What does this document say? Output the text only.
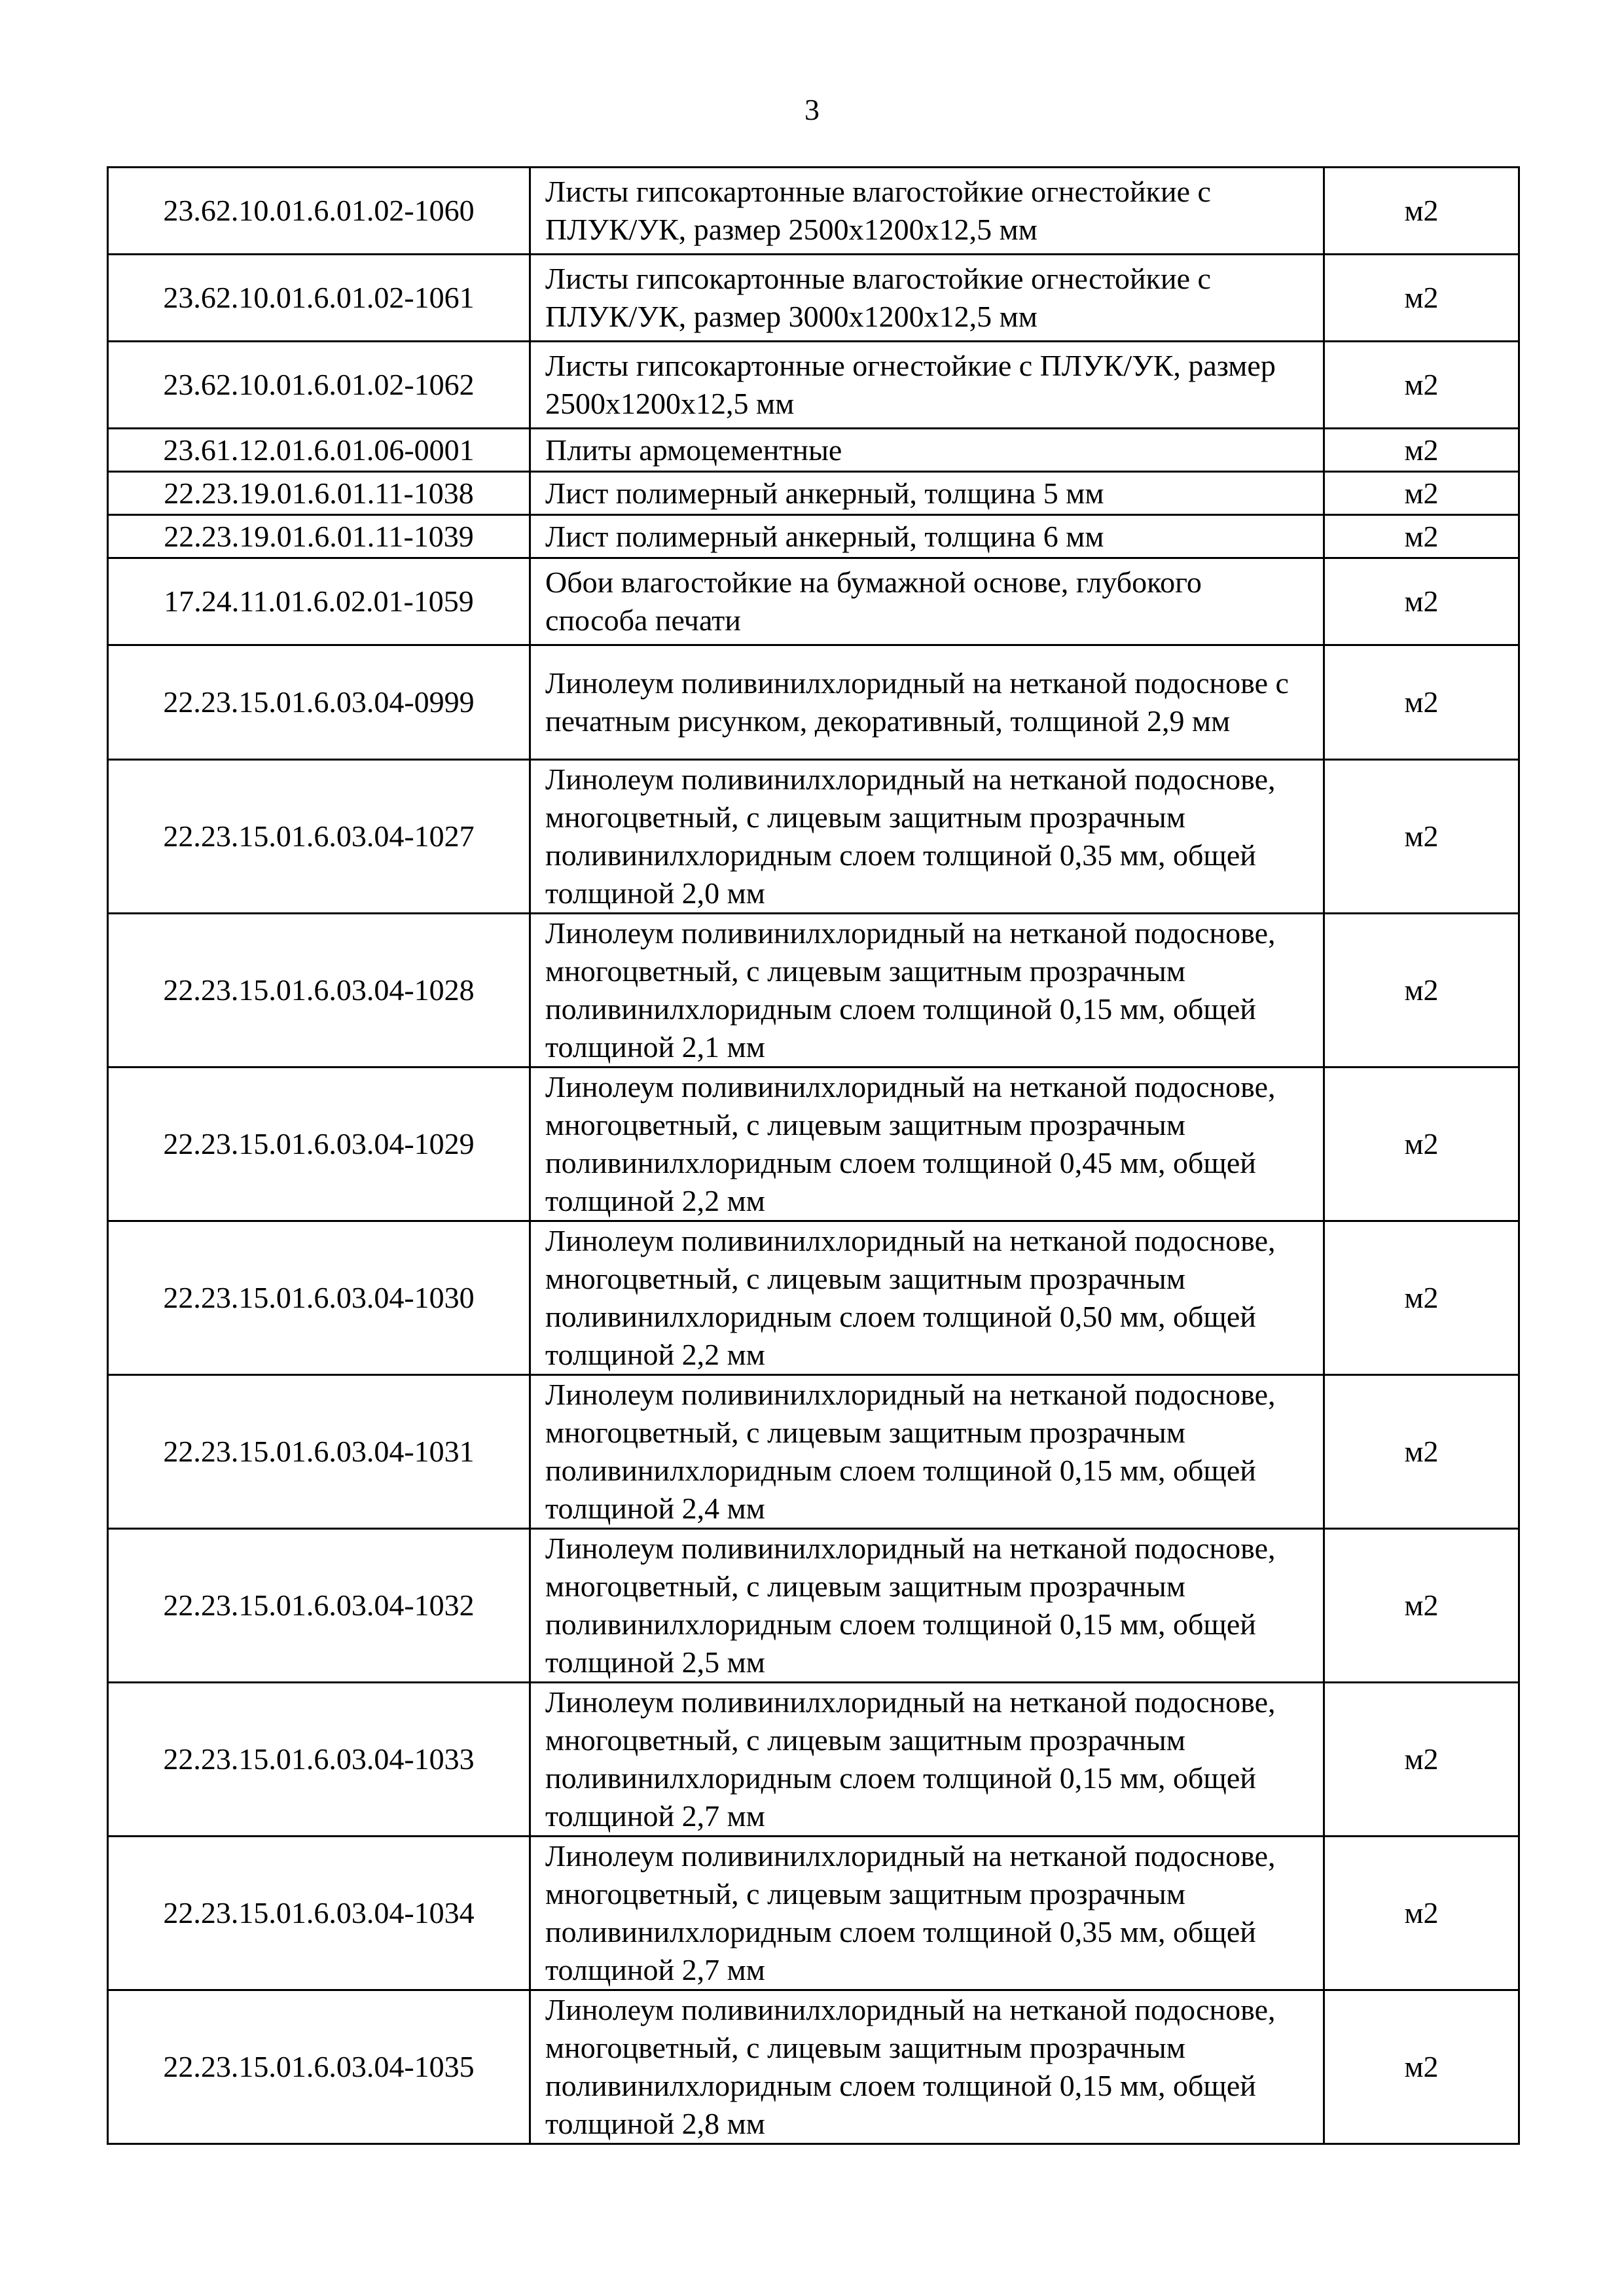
3
23.62.10.01.6.01.02-1060	Листы гипсокартонные влагостойкие огнестойкие с ПЛУК/УК, размер 2500х1200х12,5 мм	м2
23.62.10.01.6.01.02-1061	Листы гипсокартонные влагостойкие огнестойкие с ПЛУК/УК, размер 3000х1200х12,5 мм	м2
23.62.10.01.6.01.02-1062	Листы гипсокартонные огнестойкие с ПЛУК/УК, размер 2500х1200х12,5 мм	м2
23.61.12.01.6.01.06-0001	Плиты армоцементные	м2
22.23.19.01.6.01.11-1038	Лист полимерный анкерный, толщина 5 мм	м2
22.23.19.01.6.01.11-1039	Лист полимерный анкерный, толщина 6 мм	м2
17.24.11.01.6.02.01-1059	Обои влагостойкие на бумажной основе, глубокого способа печати	м2
22.23.15.01.6.03.04-0999	Линолеум поливинилхлоридный на нетканой подоснове с печатным рисунком, декоративный, толщиной 2,9 мм	м2
22.23.15.01.6.03.04-1027	Линолеум поливинилхлоридный на нетканой подоснове, многоцветный, с лицевым защитным прозрачным поливинилхлоридным слоем толщиной 0,35 мм, общей толщиной 2,0 мм	м2
22.23.15.01.6.03.04-1028	Линолеум поливинилхлоридный на нетканой подоснове, многоцветный, с лицевым защитным прозрачным поливинилхлоридным слоем толщиной 0,15 мм, общей толщиной 2,1 мм	м2
22.23.15.01.6.03.04-1029	Линолеум поливинилхлоридный на нетканой подоснове, многоцветный, с лицевым защитным прозрачным поливинилхлоридным слоем толщиной 0,45 мм, общей толщиной 2,2 мм	м2
22.23.15.01.6.03.04-1030	Линолеум поливинилхлоридный на нетканой подоснове, многоцветный, с лицевым защитным прозрачным поливинилхлоридным слоем толщиной 0,50 мм, общей толщиной 2,2 мм	м2
22.23.15.01.6.03.04-1031	Линолеум поливинилхлоридный на нетканой подоснове, многоцветный, с лицевым защитным прозрачным поливинилхлоридным слоем толщиной 0,15 мм, общей толщиной 2,4 мм	м2
22.23.15.01.6.03.04-1032	Линолеум поливинилхлоридный на нетканой подоснове, многоцветный, с лицевым защитным прозрачным поливинилхлоридным слоем толщиной 0,15 мм, общей толщиной 2,5 мм	м2
22.23.15.01.6.03.04-1033	Линолеум поливинилхлоридный на нетканой подоснове, многоцветный, с лицевым защитным прозрачным поливинилхлоридным слоем толщиной 0,15 мм, общей толщиной 2,7 мм	м2
22.23.15.01.6.03.04-1034	Линолеум поливинилхлоридный на нетканой подоснове, многоцветный, с лицевым защитным прозрачным поливинилхлоридным слоем толщиной 0,35 мм, общей толщиной 2,7 мм	м2
22.23.15.01.6.03.04-1035	Линолеум поливинилхлоридный на нетканой подоснове, многоцветный, с лицевым защитным прозрачным поливинилхлоридным слоем толщиной 0,15 мм, общей толщиной 2,8 мм	м2
